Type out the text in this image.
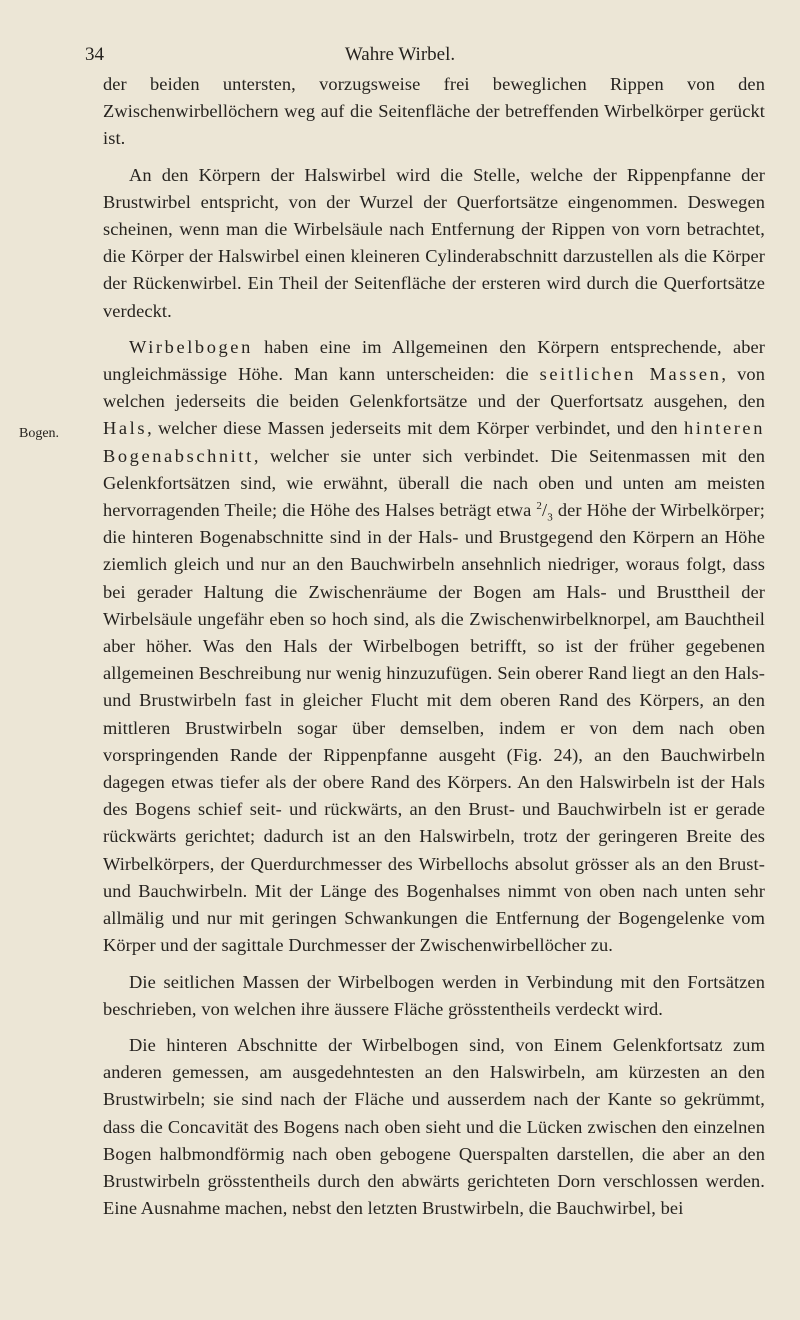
34	Wahre Wirbel.
Bogen.

der beiden untersten, vorzugsweise frei beweglichen Rippen von den Zwischenwirbellöchern weg auf die Seitenfläche der betreffenden Wirbelkörper gerückt ist.

An den Körpern der Halswirbel wird die Stelle, welche der Rippenpfanne der Brustwirbel entspricht, von der Wurzel der Querfortsätze eingenommen. Deswegen scheinen, wenn man die Wirbelsäule nach Entfernung der Rippen von vorn betrachtet, die Körper der Halswirbel einen kleineren Cylinderabschnitt darzustellen als die Körper der Rückenwirbel. Ein Theil der Seitenfläche der ersteren wird durch die Querfortsätze verdeckt.

Wirbelbogen haben eine im Allgemeinen den Körpern entsprechende, aber ungleichmässige Höhe. Man kann unterscheiden: die seitlichen Massen, von welchen jederseits die beiden Gelenkfortsätze und der Querfortsatz ausgehen, den Hals, welcher diese Massen jederseits mit dem Körper verbindet, und den hinteren Bogenabschnitt, welcher sie unter sich verbindet. Die Seitenmassen mit den Gelenkfortsätzen sind, wie erwähnt, überall die nach oben und unten am meisten hervorragenden Theile; die Höhe des Halses beträgt etwa $^2/_3$ der Höhe der Wirbelkörper; die hinteren Bogenabschnitte sind in der Hals- und Brustgegend den Körpern an Höhe ziemlich gleich und nur an den Bauchwirbeln ansehnlich niedriger, woraus folgt, dass bei gerader Haltung die Zwischenräume der Bogen am Hals- und Brusttheil der Wirbelsäule ungefähr eben so hoch sind, als die Zwischenwirbelknorpel, am Bauchtheil aber höher. Was den Hals der Wirbelbogen betrifft, so ist der früher gegebenen allgemeinen Beschreibung nur wenig hinzuzufügen. Sein oberer Rand liegt an den Hals- und Brustwirbeln fast in gleicher Flucht mit dem oberen Rand des Körpers, an den mittleren Brustwirbeln sogar über demselben, indem er von dem nach oben vorspringenden Rande der Rippenpfanne ausgeht (Fig. 24), an den Bauchwirbeln dagegen etwas tiefer als der obere Rand des Körpers. An den Halswirbeln ist der Hals des Bogens schief seit- und rückwärts, an den Brust- und Bauchwirbeln ist er gerade rückwärts gerichtet; dadurch ist an den Halswirbeln, trotz der geringeren Breite des Wirbelkörpers, der Querdurchmesser des Wirbellochs absolut grösser als an den Brust- und Bauchwirbeln. Mit der Länge des Bogenhalses nimmt von oben nach unten sehr allmälig und nur mit geringen Schwankungen die Entfernung der Bogengelenke vom Körper und der sagittale Durchmesser der Zwischenwirbellöcher zu.

Die seitlichen Massen der Wirbelbogen werden in Verbindung mit den Fortsätzen beschrieben, von welchen ihre äussere Fläche grösstentheils verdeckt wird.

Die hinteren Abschnitte der Wirbelbogen sind, von Einem Gelenkfortsatz zum anderen gemessen, am ausgedehntesten an den Halswirbeln, am kürzesten an den Brustwirbeln; sie sind nach der Fläche und ausserdem nach der Kante so gekrümmt, dass die Concavität des Bogens nach oben sieht und die Lücken zwischen den einzelnen Bogen halbmondförmig nach oben gebogene Querspalten darstellen, die aber an den Brustwirbeln grösstentheils durch den abwärts gerichteten Dorn verschlossen werden. Eine Ausnahme machen, nebst den letzten Brustwirbeln, die Bauchwirbel, bei
